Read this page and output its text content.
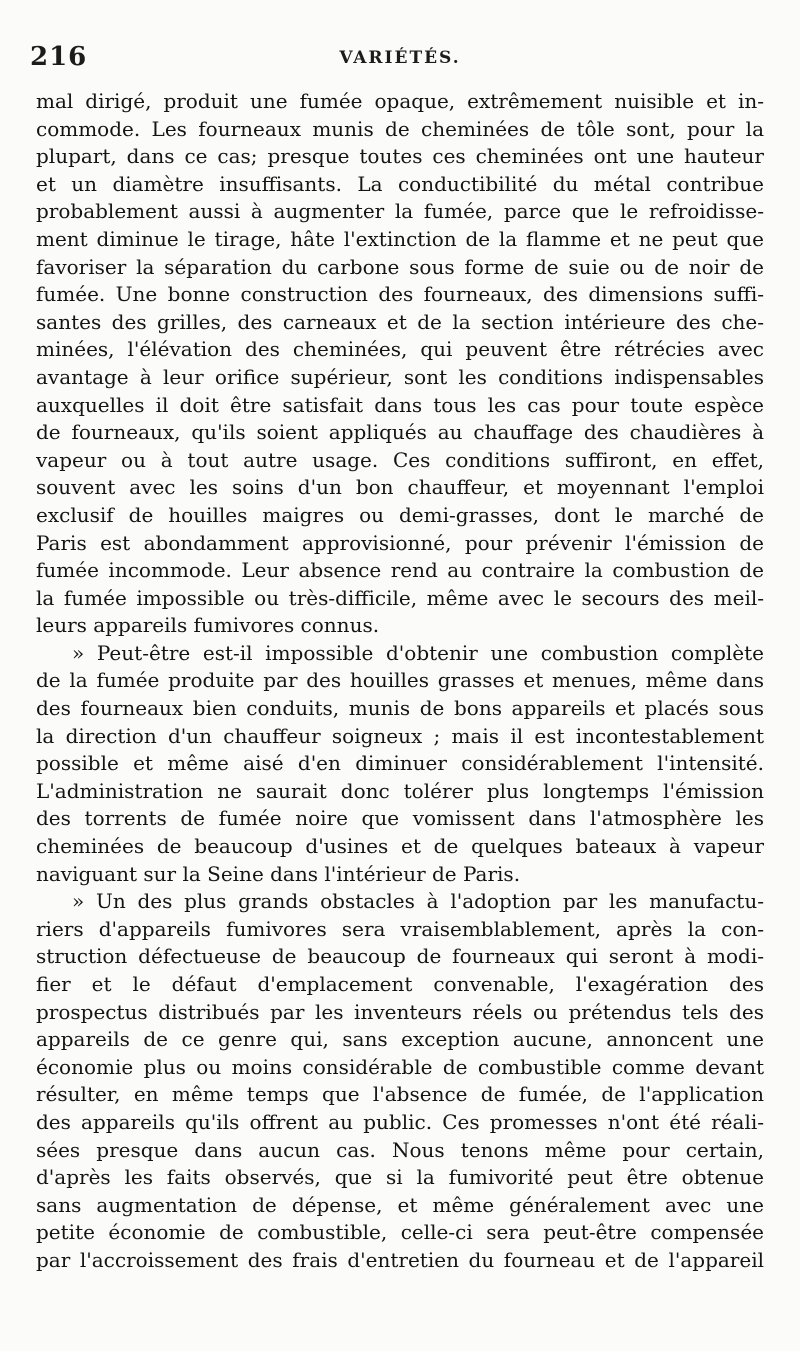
216	VARIÉTÉS.

mal dirigé, produit une fumée opaque, extrêmement nuisible et in-
commode. Les fourneaux munis de cheminées de tôle sont, pour la
plupart, dans ce cas; presque toutes ces cheminées ont une hauteur
et un diamètre insuffisants. La conductibilité du métal contribue
probablement aussi à augmenter la fumée, parce que le refroidisse-
ment diminue le tirage, hâte l'extinction de la flamme et ne peut que
favoriser la séparation du carbone sous forme de suie ou de noir de
fumée. Une bonne construction des fourneaux, des dimensions suffi-
santes des grilles, des carneaux et de la section intérieure des che-
minées, l'élévation des cheminées, qui peuvent être rétrécies avec
avantage à leur orifice supérieur, sont les conditions indispensables
auxquelles il doit être satisfait dans tous les cas pour toute espèce
de fourneaux, qu'ils soient appliqués au chauffage des chaudières à
vapeur ou à tout autre usage. Ces conditions suffiront, en effet,
souvent avec les soins d'un bon chauffeur, et moyennant l'emploi
exclusif de houilles maigres ou demi-grasses, dont le marché de
Paris est abondamment approvisionné, pour prévenir l'émission de
fumée incommode. Leur absence rend au contraire la combustion de
la fumée impossible ou très-difficile, même avec le secours des meil-
leurs appareils fumivores connus.

» Peut-être est-il impossible d'obtenir une combustion complète
de la fumée produite par des houilles grasses et menues, même dans
des fourneaux bien conduits, munis de bons appareils et placés sous
la direction d'un chauffeur soigneux ; mais il est incontestablement
possible et même aisé d'en diminuer considérablement l'intensité.
L'administration ne saurait donc tolérer plus longtemps l'émission
des torrents de fumée noire que vomissent dans l'atmosphère les
cheminées de beaucoup d'usines et de quelques bateaux à vapeur
naviguant sur la Seine dans l'intérieur de Paris.

» Un des plus grands obstacles à l'adoption par les manufactu-
riers d'appareils fumivores sera vraisemblablement, après la con-
struction défectueuse de beaucoup de fourneaux qui seront à modi-
fier et le défaut d'emplacement convenable, l'exagération des
prospectus distribués par les inventeurs réels ou prétendus tels des
appareils de ce genre qui, sans exception aucune, annoncent une
économie plus ou moins considérable de combustible comme devant
résulter, en même temps que l'absence de fumée, de l'application
des appareils qu'ils offrent au public. Ces promesses n'ont été réali-
sées presque dans aucun cas. Nous tenons même pour certain,
d'après les faits observés, que si la fumivorité peut être obtenue
sans augmentation de dépense, et même généralement avec une
petite économie de combustible, celle-ci sera peut-être compensée
par l'accroissement des frais d'entretien du fourneau et de l'appareil
